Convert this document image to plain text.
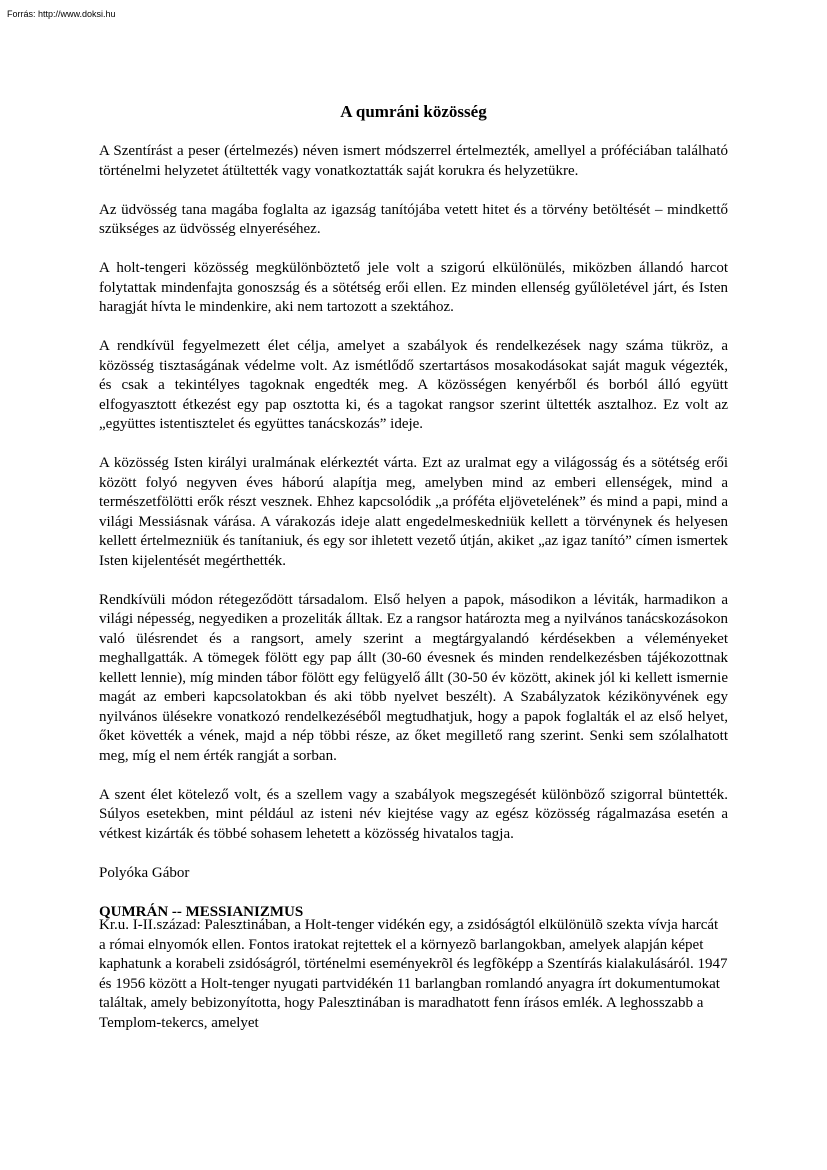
Forrás: http://www.doksi.hu

A qumráni közösség

A Szentírást a peser (értelmezés) néven ismert módszerrel értelmezték, amellyel a próféciában található történelmi helyzetet átültették vagy vonatkoztatták saját korukra és helyzetükre.

Az üdvösség tana magába foglalta az igazság tanítójába vetett hitet és a törvény betöltését – mindkettő szükséges az üdvösség elnyeréséhez.

A holt-tengeri közösség megkülönböztető jele volt a szigorú elkülönülés, miközben állandó harcot folytattak mindenfajta gonoszság és a sötétség erői ellen. Ez minden ellenség gyűlöletével járt, és Isten haragját hívta le mindenkire, aki nem tartozott a szektához.

A rendkívül fegyelmezett élet célja, amelyet a szabályok és rendelkezések nagy száma tükröz, a közösség tisztaságának védelme volt. Az ismétlődő szertartásos mosakodásokat saját maguk végezték, és csak a tekintélyes tagoknak engedték meg. A közösségen kenyérből és borból álló együtt elfogyasztott étkezést egy pap osztotta ki, és a tagokat rangsor szerint ültették asztalhoz. Ez volt az „együttes istentisztelet és együttes tanácskozás” ideje.

A közösség Isten királyi uralmának elérkeztét várta. Ezt az uralmat egy a világosság és a sötétség erői között folyó negyven éves háború alapítja meg, amelyben mind az emberi ellenségek, mind a természetfölötti erők részt vesznek. Ehhez kapcsolódik „a próféta eljövetelének” és mind a papi, mind a világi Messiásnak várása. A várakozás ideje alatt engedelmeskedniük kellett a törvénynek és helyesen kellett értelmezniük és tanítaniuk, és egy sor ihletett vezető útján, akiket „az igaz tanító” címen ismertek Isten kijelentését megérthették.

Rendkívüli módon rétegeződött társadalom. Első helyen a papok, másodikon a léviták, harmadikon a világi népesség, negyediken a prozeliták álltak. Ez a rangsor határozta meg a nyilvános tanácskozásokon való ülésrendet és a rangsort, amely szerint a megtárgyalandó kérdésekben a véleményeket meghallgatták. A tömegek fölött egy pap állt (30-60 évesnek és minden rendelkezésben tájékozottnak kellett lennie), míg minden tábor fölött egy felügyelő állt (30-50 év között, akinek jól ki kellett ismernie magát az emberi kapcsolatokban és aki több nyelvet beszélt). A Szabályzatok kézikönyvének egy nyilvános ülésekre vonatkozó rendelkezéséből megtudhatjuk, hogy a papok foglalták el az első helyet, őket követték a vének, majd a nép többi része, az őket megillető rang szerint. Senki sem szólalhatott meg, míg el nem érték rangját a sorban.

A szent élet kötelező volt, és a szellem vagy a szabályok megszegését különböző szigorral büntették. Súlyos esetekben, mint például az isteni név kiejtése vagy az egész közösség rágalmazása esetén a vétkest kizárták és többé sohasem lehetett a közösség hivatalos tagja.

Polyóka Gábor

QUMRÁN -- MESSIANIZMUS

Kr.u. I-II.század: Palesztinában, a Holt-tenger vidékén egy, a zsidóságtól elkülönülõ szekta vívja harcát a római elnyomók ellen. Fontos iratokat rejtettek el a környezõ barlangokban, amelyek alapján képet kaphatunk a korabeli zsidóságról, történelmi eseményekrõl és legfõképp a Szentírás kialakulásáról. 1947 és 1956 között a Holt-tenger nyugati partvidékén 11 barlangban romlandó anyagra írt dokumentumokat találtak, amely bebizonyította, hogy Palesztinában is maradhatott fenn írásos emlék. A leghosszabb a Templom-tekercs, amelyet
